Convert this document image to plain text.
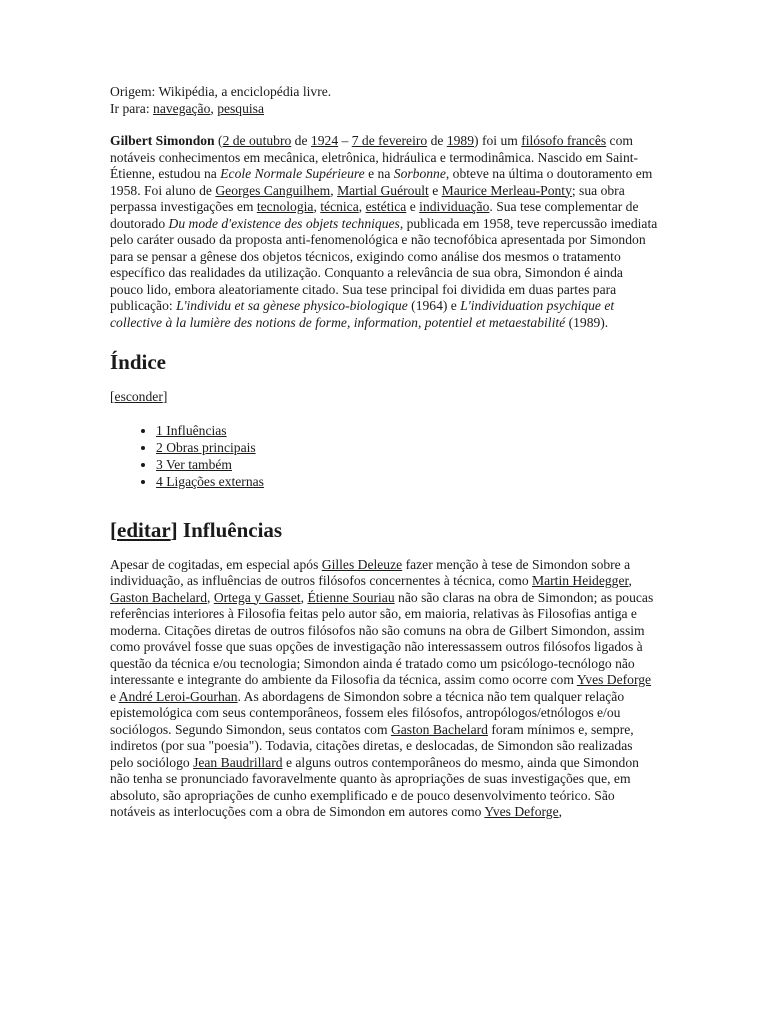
Origem: Wikipédia, a enciclopédia livre.

Ir para: navegação, pesquisa

Gilbert Simondon (2 de outubro de 1924 – 7 de fevereiro de 1989) foi um filósofo francês com notáveis conhecimentos em mecânica, eletrônica, hidráulica e termodinâmica. Nascido em Saint-Étienne, estudou na Ecole Normale Supérieure e na Sorbonne, obteve na última o doutoramento em 1958. Foi aluno de Georges Canguilhem, Martial Guéroult e Maurice Merleau-Ponty; sua obra perpassa investigações em tecnologia, técnica, estética e individuação. Sua tese complementar de doutorado Du mode d'existence des objets techniques, publicada em 1958, teve repercussão imediata pelo caráter ousado da proposta anti-fenomenológica e não tecnofóbica apresentada por Simondon para se pensar a gênese dos objetos técnicos, exigindo como análise dos mesmos o tratamento específico das realidades da utilização. Conquanto a relevância de sua obra, Simondon é ainda pouco lido, embora aleatoriamente citado. Sua tese principal foi dividida em duas partes para publicação: L'individu et sa gènese physico-biologique (1964) e L'individuation psychique et collective à la lumière des notions de forme, information, potentiel et metaestabilité (1989).

Índice
[esconder]
• 1 Influências
• 2 Obras principais
• 3 Ver também
• 4 Ligações externas
[editar] Influências

Apesar de cogitadas, em especial após Gilles Deleuze fazer menção à tese de Simondon sobre a individuação, as influências de outros filósofos concernentes à técnica, como Martin Heidegger, Gaston Bachelard, Ortega y Gasset, Étienne Souriau não são claras na obra de Simondon; as poucas referências interiores à Filosofia feitas pelo autor são, em maioria, relativas às Filosofias antiga e moderna. Citações diretas de outros filósofos não são comuns na obra de Gilbert Simondon, assim como provável fosse que suas opções de investigação não interessassem outros filósofos ligados à questão da técnica e/ou tecnologia; Simondon ainda é tratado como um psicólogo-tecnólogo não interessante e integrante do ambiente da Filosofia da técnica, assim como ocorre com Yves Deforge e André Leroi-Gourhan. As abordagens de Simondon sobre a técnica não tem qualquer relação epistemológica com seus contemporâneos, fossem eles filósofos, antropólogos/etnólogos e/ou sociólogos. Segundo Simondon, seus contatos com Gaston Bachelard foram mínimos e, sempre, indiretos (por sua "poesia"). Todavia, citações diretas, e deslocadas, de Simondon são realizadas pelo sociólogo Jean Baudrillard e alguns outros contemporâneos do mesmo, ainda que Simondon não tenha se pronunciado favoravelmente quanto às apropriações de suas investigações que, em absoluto, são apropriações de cunho exemplificado e de pouco desenvolvimento teórico. São notáveis as interlocuções com a obra de Simondon em autores como Yves Deforge,
